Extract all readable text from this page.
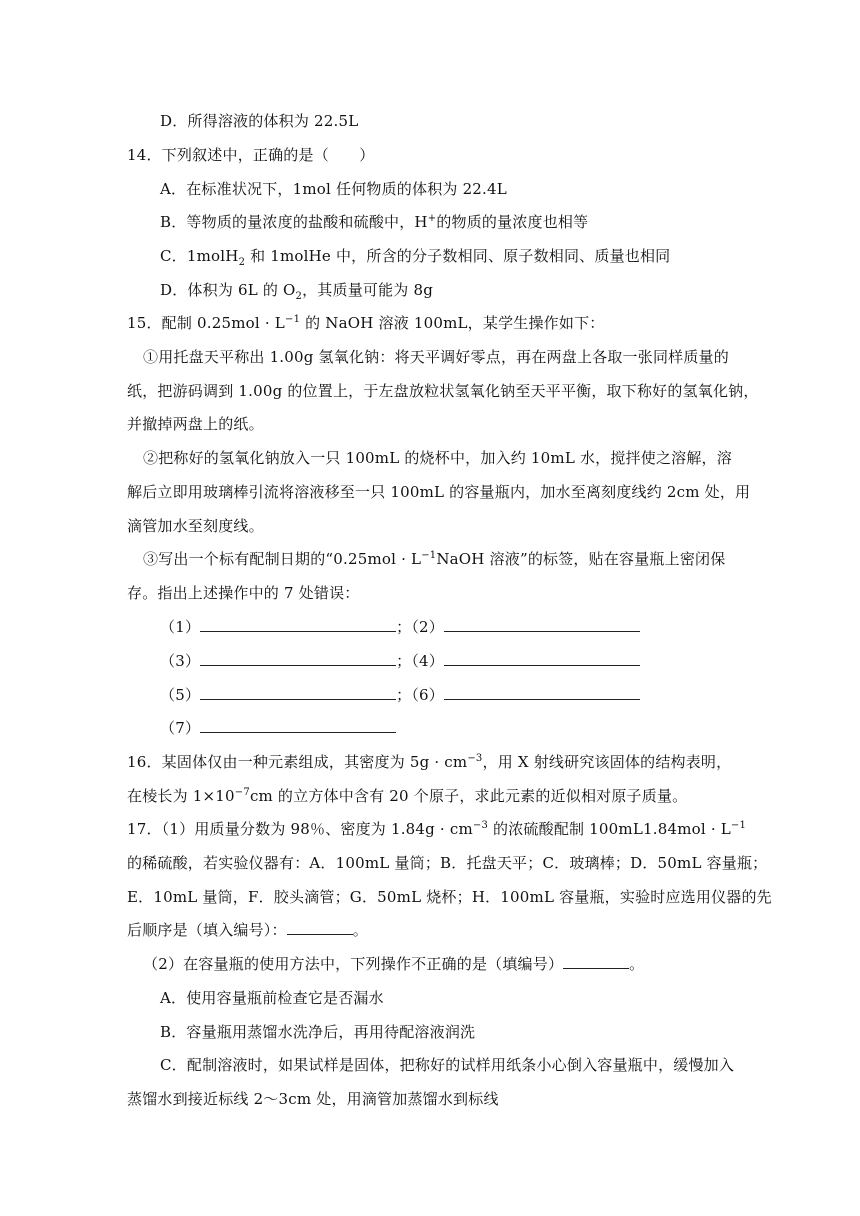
D．所得溶液的体积为 22.5L
14．下列叙述中，正确的是（　　）
A．在标准状况下，1mol 任何物质的体积为 22.4L
B．等物质的量浓度的盐酸和硫酸中，H+的物质的量浓度也相等
C．1molH$_2$ 和 1molHe 中，所含的分子数相同、原子数相同、质量也相同
D．体积为 6L 的 $O_2$，其质量可能为 8g
15．配制 $0.25mol \cdot L^{-1}$ 的 NaOH 溶液 100mL，某学生操作如下：
①用托盘天平称出 1.00g 氢氧化钠：将天平调好零点，再在两盘上各取一张同样质量的
纸，把游码调到 1.00g 的位置上，于左盘放粒状氢氧化钠至天平平衡，取下称好的氢氧化钠，
并撤掉两盘上的纸。
②把称好的氢氧化钠放入一只 100mL 的烧杯中，加入约 10mL 水，搅拌使之溶解，溶
解后立即用玻璃棒引流将溶液移至一只 100mL 的容量瓶内，加水至离刻度线约 2cm 处，用
滴管加水至刻度线。
③写出一个标有配制日期的“$0.25mol \cdot L^{-1}NaOH$ 溶液”的标签，贴在容量瓶上密闭保
存。指出上述操作中的 7 处错误：
（1）	；（2）
（3）	；（4）
（5）	；（6）
（7）
16．某固体仅由一种元素组成，其密度为 $5g \cdot cm^{-3}$，用 X 射线研究该固体的结构表明，
在棱长为 $1\times 10^{-7}cm$ 的立方体中含有 20 个原子，求此元素的近似相对原子质量。
17．（1）用质量分数为 98％、密度为 $1.84g \cdot cm^{-3}$ 的浓硫酸配制 $100mL1.84mol \cdot L^{-1}$
的稀硫酸，若实验仪器有：A．100mL 量筒；B．托盘天平；C．玻璃棒；D．50mL 容量瓶；
E．10mL 量筒，F．胶头滴管；G．50mL 烧杯；H．100mL 容量瓶，实验时应选用仪器的先
后顺序是（填入编号）：	。
（2）在容量瓶的使用方法中，下列操作不正确的是（填编号）	。
A．使用容量瓶前检查它是否漏水
B．容量瓶用蒸馏水洗净后，再用待配溶液润洗
C．配制溶液时，如果试样是固体，把称好的试样用纸条小心倒入容量瓶中，缓慢加入
蒸馏水到接近标线 2～3cm 处，用滴管加蒸馏水到标线
